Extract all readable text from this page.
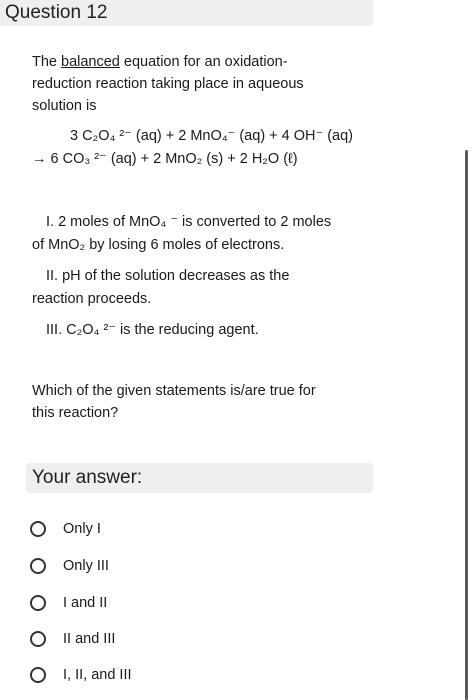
Question 12
The balanced equation for an oxidation-
reduction reaction taking place in aqueous
solution is
3 C₂O₄ ²⁻ (aq) + 2 MnO₄⁻ (aq) + 4 OH⁻ (aq)
→ 6 CO₃ ²⁻ (aq) + 2 MnO₂ (s) + 2 H₂O (ℓ)
I. 2 moles of MnO₄ ⁻ is converted to 2 moles
of MnO₂ by losing 6 moles of electrons.
II. pH of the solution decreases as the
reaction proceeds.
III. C₂O₄ ²⁻ is the reducing agent.
Which of the given statements is/are true for
this reaction?
Your answer:
Only I
Only III
I and II
II and III
I, II, and III
